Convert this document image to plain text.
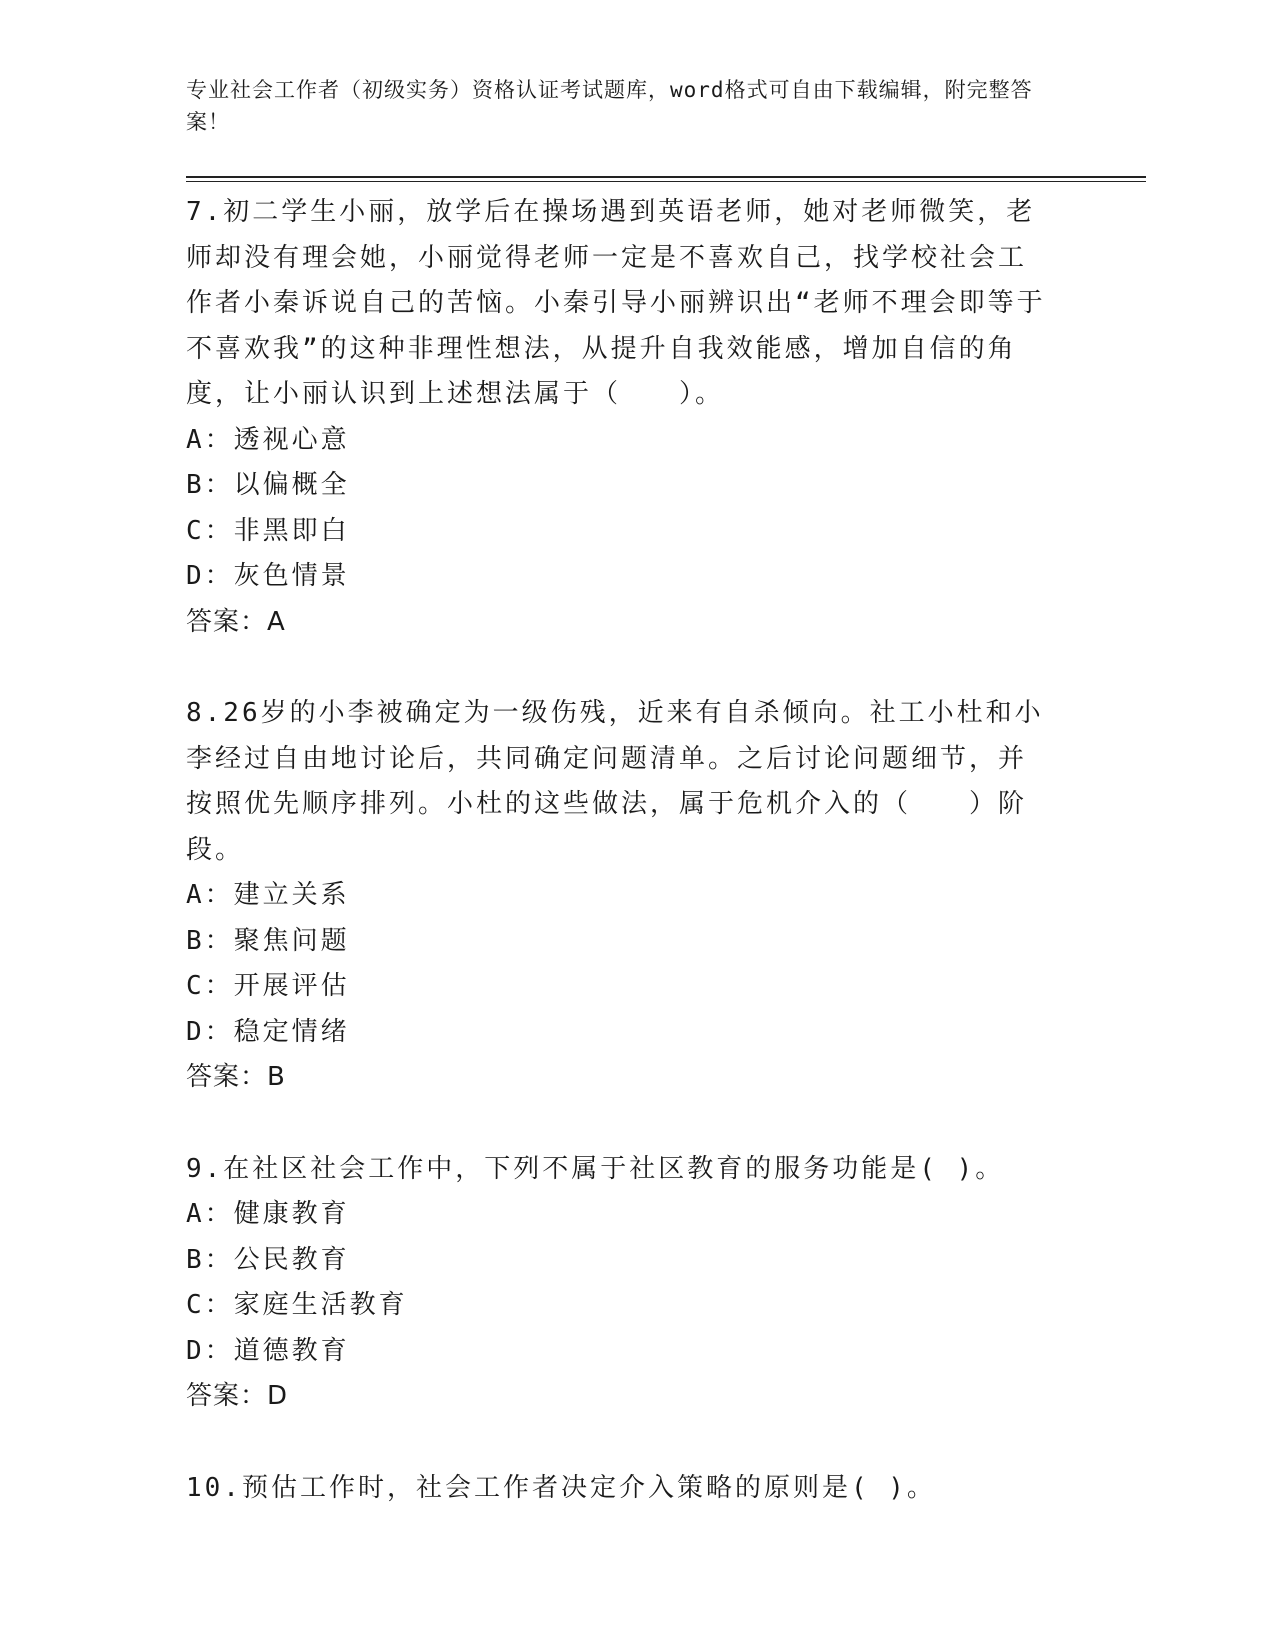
专业社会工作者（初级实务）资格认证考试题库，word格式可自由下载编辑，附完整答案！
7.初二学生小丽，放学后在操场遇到英语老师，她对老师微笑，老师却没有理会她，小丽觉得老师一定是不喜欢自己，找学校社会工作者小秦诉说自己的苦恼。小秦引导小丽辨识出“老师不理会即等于不喜欢我”的这种非理性想法，从提升自我效能感，增加自信的角度，让小丽认识到上述想法属于（　　）。
A：透视心意
B：以偏概全
C：非黑即白
D：灰色情景
答案：A
8.26岁的小李被确定为一级伤残，近来有自杀倾向。社工小杜和小李经过自由地讨论后，共同确定问题清单。之后讨论问题细节，并按照优先顺序排列。小杜的这些做法，属于危机介入的（　　）阶段。
A：建立关系
B：聚焦问题
C：开展评估
D：稳定情绪
答案：B
9.在社区社会工作中，下列不属于社区教育的服务功能是( )。
A：健康教育
B：公民教育
C：家庭生活教育
D：道德教育
答案：D
10.预估工作时，社会工作者决定介入策略的原则是( )。
